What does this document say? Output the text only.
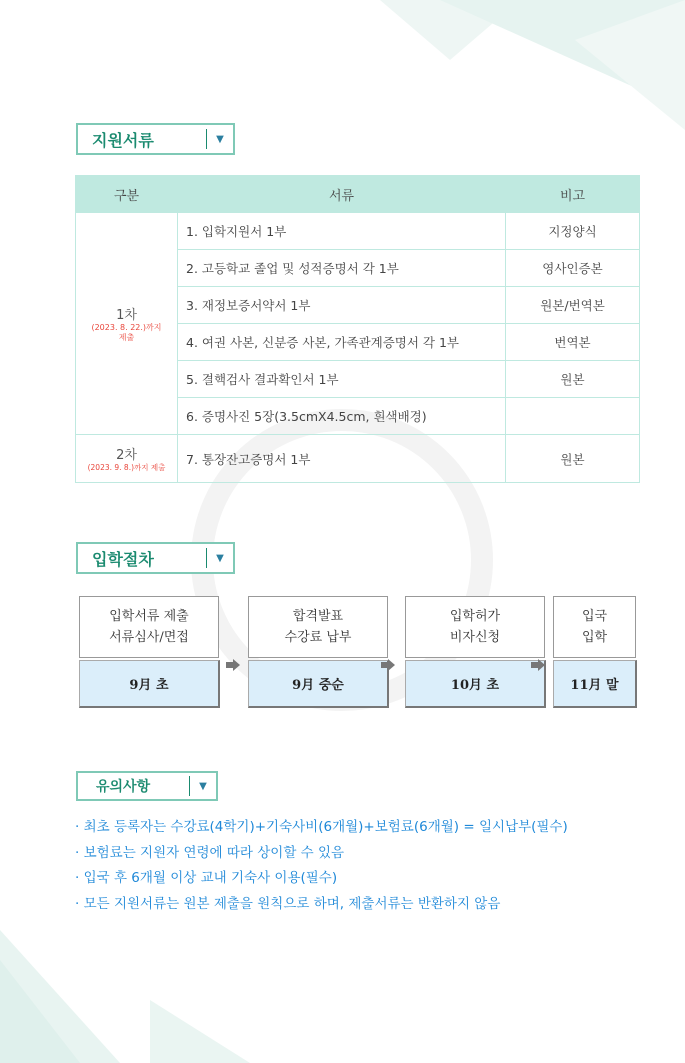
지원서류	▼
구분	서류	비고

1차
(2023. 8. 22.)까지 제출	1. 입학지원서 1부	지정양식
	2. 고등학교 졸업 및 성적증명서 각 1부	영사인증본
	3. 재정보증서약서 1부	원본/번역본
	4. 여권 사본, 신분증 사본, 가족관계증명서 각 1부	번역본
	5. 결핵검사 결과확인서 1부	원본
	6. 증명사진 5장(3.5cmX4.5cm, 흰색배경)	

2차
(2023. 9. 8.)까지 제출	7. 통장잔고증명서 1부	원본
입학절차	▼
입학서류 제출
서류심사/면접
9月 초
합격발표
수강료 납부
9月 중순
입학허가
비자신청
10月 초
입국
입학
11月 말
유의사항	▼
· 최초 등록자는 수강료(4학기)+기숙사비(6개월)+보험료(6개월) = 일시납부(필수)
· 보험료는 지원자 연령에 따라 상이할 수 있음
· 입국 후 6개월 이상 교내 기숙사 이용(필수)
· 모든 지원서류는 원본 제출을 원칙으로 하며, 제출서류는 반환하지 않음
